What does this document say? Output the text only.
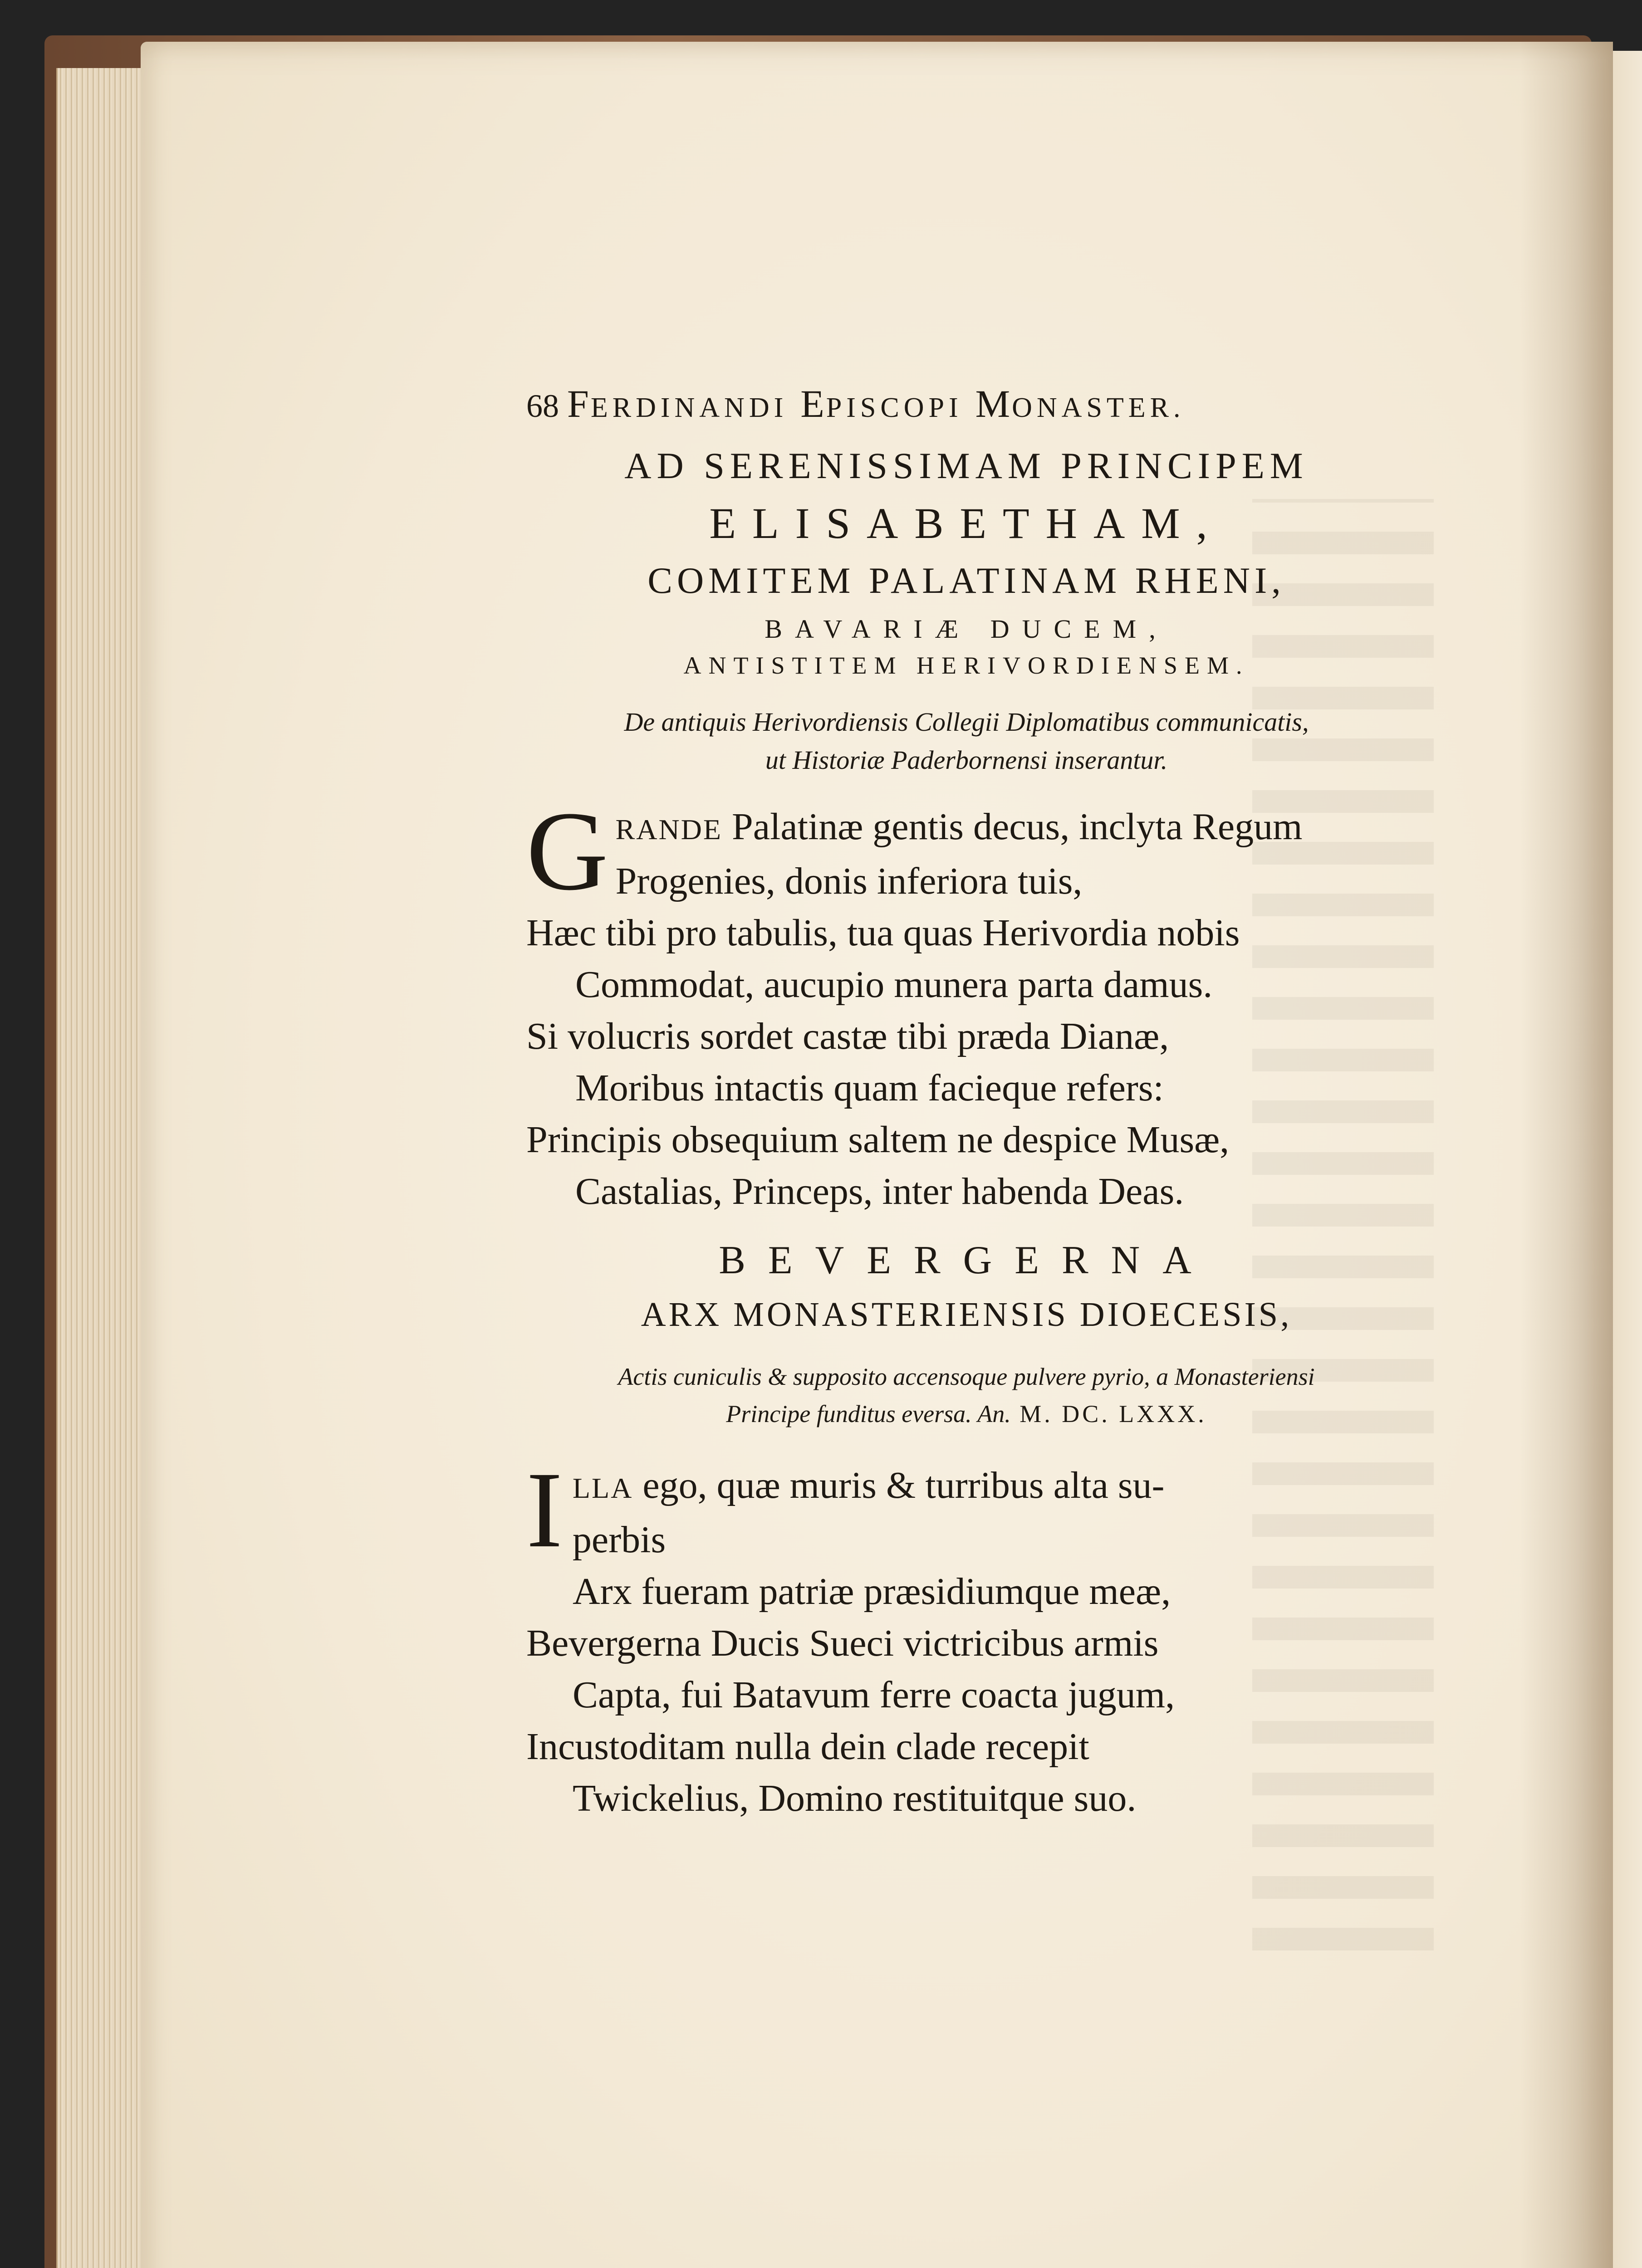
68 F ERDINANDI E PISCOPI M ONASTER.
AD SERENISSIMAM PRINCIPEM
ELISABETHAM,
COMITEM PALATINAM RHENI,
BAVARIÆ DUCEM,
ANTISTITEM HERIVORDIENSEM.
De antiquis Herivordiensis Collegii Diplomatibus communicatis,
ut Historiæ Paderbornensi inserantur.
G RANDE Palatinæ gentis decus, inclyta Regum
Progenies, donis inferiora tuis,
Hæc tibi pro tabulis, tua quas Herivordia nobis
Commodat, aucupio munera parta damus.
Si volucris sordet castæ tibi præda Dianæ,
Moribus intactis quam facieque refers:
Principis obsequium saltem ne despice Musæ,
Castalias, Princeps, inter habenda Deas.
BEVERGERNA
ARX MONASTERIENSIS DIOECESIS,
Actis cuniculis & supposito accensoque pulvere pyrio, a Monasteriensi
Principe funditus eversa. An. M. DC. LXXX.
I LLA ego, quæ muris & turribus alta su-
perbis
Arx fueram patriæ præsidiumque meæ,
Bevergerna Ducis Sueci victricibus armis
Capta, fui Batavum ferre coacta jugum,
Incustoditam nulla dein clade recepit
Twickelius, Domino restituitque suo.
